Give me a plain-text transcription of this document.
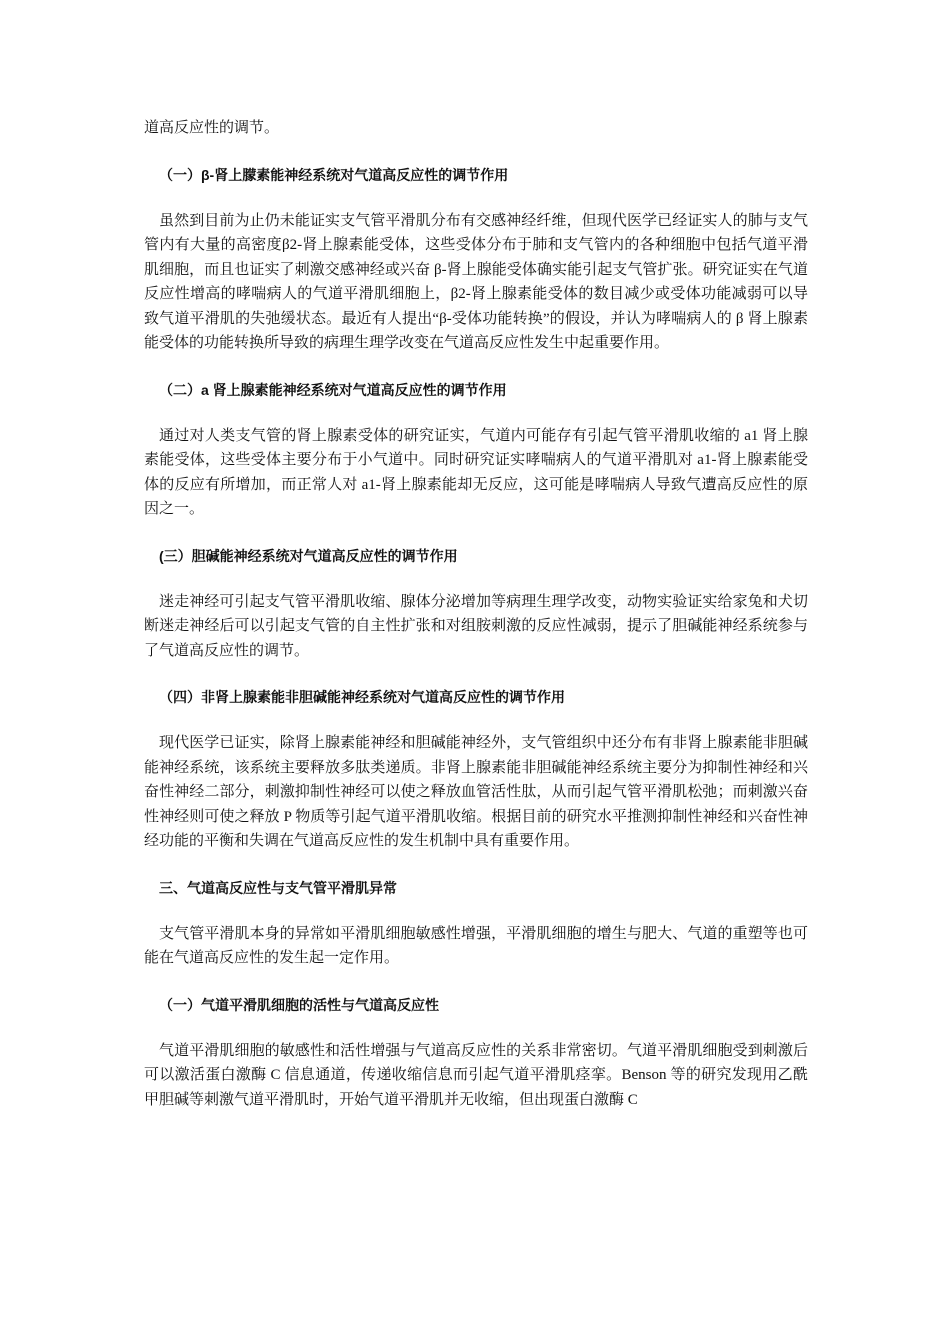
道高反应性的调节。

（一）β-肾上朦素能神经系统对气道高反应性的调节作用

虽然到目前为止仍未能证实支气管平滑肌分布有交感神经纤维，但现代医学已经证实人的肺与支气管内有大量的高密度β2-肾上腺素能受体，这些受体分布于肺和支气管内的各种细胞中包括气道平滑肌细胞，而且也证实了刺激交感神经或兴奋 β-肾上腺能受体确实能引起支气管扩张。研究证实在气道反应性增高的哮喘病人的气道平滑肌细胞上，β2-肾上腺素能受体的数目减少或受体功能减弱可以导致气道平滑肌的失弛缓状态。最近有人提出“β-受体功能转换”的假设，并认为哮喘病人的 β 肾上腺素能受体的功能转换所导致的病理生理学改变在气道高反应性发生中起重要作用。

（二）a 肾上腺素能神经系统对气道高反应性的调节作用

通过对人类支气管的肾上腺素受体的研究证实，气道内可能存有引起气管平滑肌收缩的 a1 肾上腺素能受体，这些受体主要分布于小气道中。同时研究证实哮喘病人的气道平滑肌对 a1-肾上腺素能受体的反应有所增加，而正常人对 a1-肾上腺素能却无反应，这可能是哮喘病人导致气遭高反应性的原因之一。

(三）胆碱能神经系统对气道高反应性的调节作用

迷走神经可引起支气管平滑肌收缩、腺体分泌增加等病理生理学改变，动物实验证实给家兔和犬切断迷走神经后可以引起支气管的自主性扩张和对组胺刺激的反应性减弱，提示了胆碱能神经系统参与了气道高反应性的调节。

（四）非肾上腺素能非胆碱能神经系统对气道高反应性的调节作用

现代医学已证实，除肾上腺素能神经和胆碱能神经外，支气管组织中还分布有非肾上腺素能非胆碱能神经系统，该系统主要释放多肽类递质。非肾上腺素能非胆碱能神经系统主要分为抑制性神经和兴奋性神经二部分，刺激抑制性神经可以使之释放血管活性肽，从而引起气管平滑肌松弛；而刺激兴奋性神经则可使之释放 P 物质等引起气道平滑肌收缩。根据目前的研究水平推测抑制性神经和兴奋性神经功能的平衡和失调在气道高反应性的发生机制中具有重要作用。

三、气道高反应性与支气管平滑肌异常

支气管平滑肌本身的异常如平滑肌细胞敏感性增强，平滑肌细胞的增生与肥大、气道的重塑等也可能在气道高反应性的发生起一定作用。

（一）气道平滑肌细胞的活性与气道高反应性

气道平滑肌细胞的敏感性和活性增强与气道高反应性的关系非常密切。气道平滑肌细胞受到刺激后可以激活蛋白激酶 C 信息通道，传递收缩信息而引起气道平滑肌痉挛。Benson 等的研究发现用乙酰甲胆碱等刺激气道平滑肌时，开始气道平滑肌并无收缩，但出现蛋白激酶 C
